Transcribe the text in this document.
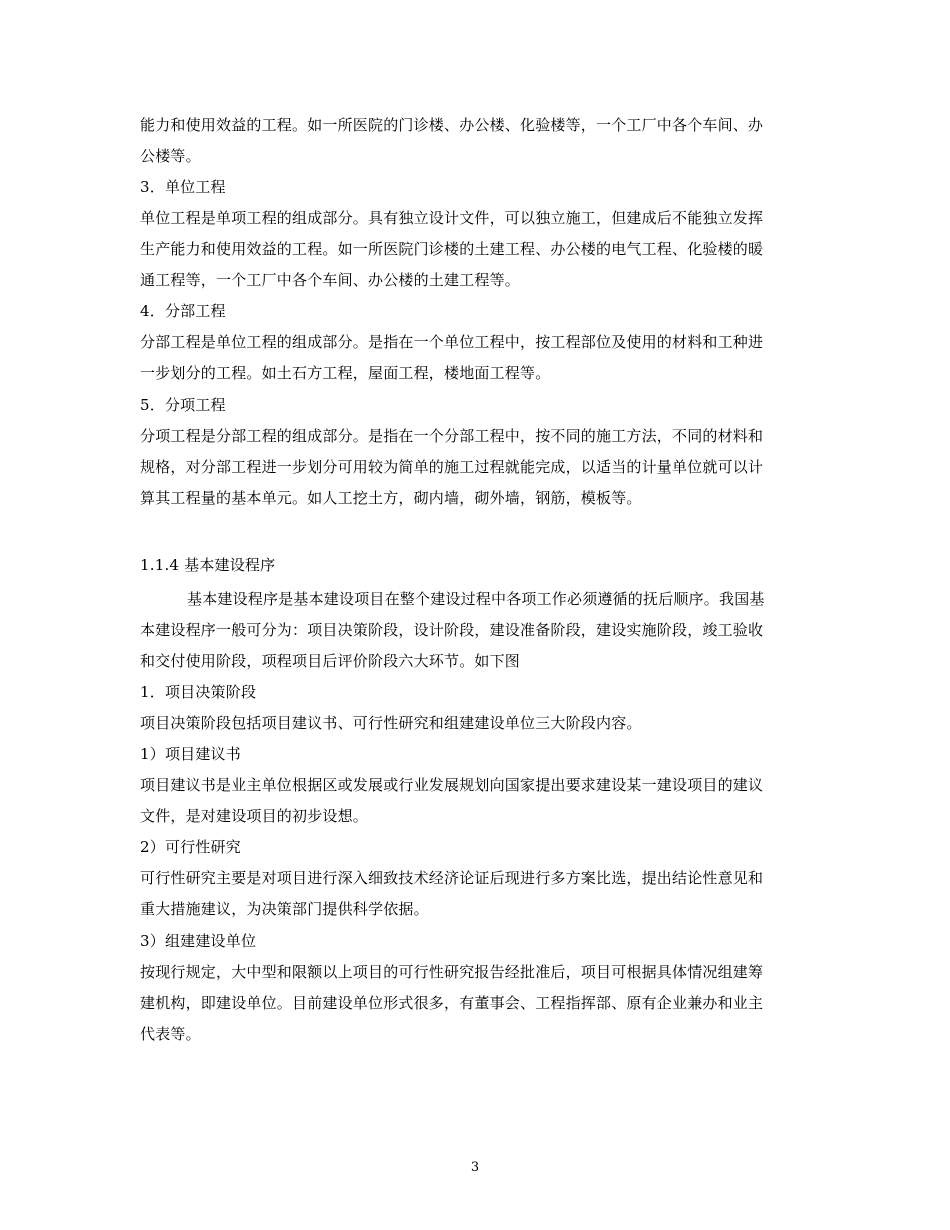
能力和使用效益的工程。如一所医院的门诊楼、办公楼、化验楼等，一个工厂中各个车间、办
公楼等。
3．单位工程
单位工程是单项工程的组成部分。具有独立设计文件，可以独立施工，但建成后不能独立发挥
生产能力和使用效益的工程。如一所医院门诊楼的土建工程、办公楼的电气工程、化验楼的暖
通工程等，一个工厂中各个车间、办公楼的土建工程等。
4．分部工程
分部工程是单位工程的组成部分。是指在一个单位工程中，按工程部位及使用的材料和工种进
一步划分的工程。如土石方工程，屋面工程，楼地面工程等。
5．分项工程
分项工程是分部工程的组成部分。是指在一个分部工程中，按不同的施工方法，不同的材料和
规格，对分部工程进一步划分可用较为简单的施工过程就能完成，以适当的计量单位就可以计
算其工程量的基本单元。如人工挖土方，砌内墙，砌外墙，钢筋，模板等。
1.1.4 基本建设程序
基本建设程序是基本建设项目在整个建设过程中各项工作必须遵循的抚后顺序。我国基
本建设程序一般可分为：项目决策阶段，设计阶段，建设准备阶段，建设实施阶段，竣工验收
和交付使用阶段，项程项目后评价阶段六大环节。如下图
1．项目决策阶段
项目决策阶段包括项目建议书、可行性研究和组建建设单位三大阶段内容。
1）项目建议书
项目建议书是业主单位根据区或发展或行业发展规划向国家提出要求建设某一建设项目的建议
文件，是对建设项目的初步设想。
2）可行性研究
可行性研究主要是对项目进行深入细致技术经济论证后现进行多方案比选，提出结论性意见和
重大措施建议，为决策部门提供科学依据。
3）组建建设单位
按现行规定，大中型和限额以上项目的可行性研究报告经批准后，项目可根据具体情况组建筹
建机构，即建设单位。目前建设单位形式很多，有董事会、工程指挥部、原有企业兼办和业主
代表等。
3
